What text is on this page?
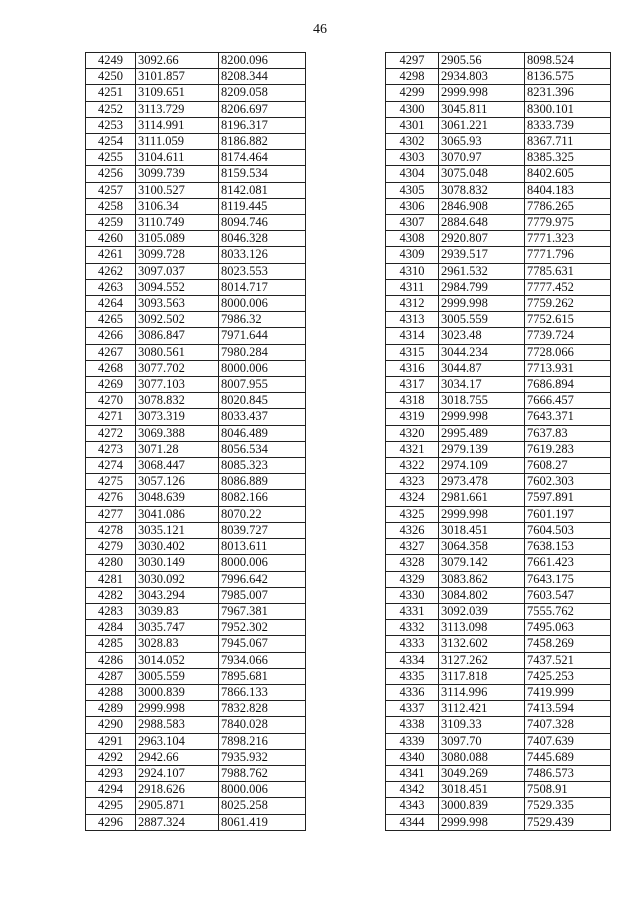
46
4249	3092.66	8200.096
4250	3101.857	8208.344
4251	3109.651	8209.058
4252	3113.729	8206.697
4253	3114.991	8196.317
4254	3111.059	8186.882
4255	3104.611	8174.464
4256	3099.739	8159.534
4257	3100.527	8142.081
4258	3106.34	8119.445
4259	3110.749	8094.746
4260	3105.089	8046.328
4261	3099.728	8033.126
4262	3097.037	8023.553
4263	3094.552	8014.717
4264	3093.563	8000.006
4265	3092.502	7986.32
4266	3086.847	7971.644
4267	3080.561	7980.284
4268	3077.702	8000.006
4269	3077.103	8007.955
4270	3078.832	8020.845
4271	3073.319	8033.437
4272	3069.388	8046.489
4273	3071.28	8056.534
4274	3068.447	8085.323
4275	3057.126	8086.889
4276	3048.639	8082.166
4277	3041.086	8070.22
4278	3035.121	8039.727
4279	3030.402	8013.611
4280	3030.149	8000.006
4281	3030.092	7996.642
4282	3043.294	7985.007
4283	3039.83	7967.381
4284	3035.747	7952.302
4285	3028.83	7945.067
4286	3014.052	7934.066
4287	3005.559	7895.681
4288	3000.839	7866.133
4289	2999.998	7832.828
4290	2988.583	7840.028
4291	2963.104	7898.216
4292	2942.66	7935.932
4293	2924.107	7988.762
4294	2918.626	8000.006
4295	2905.871	8025.258
4296	2887.324	8061.419
4297	2905.56	8098.524
4298	2934.803	8136.575
4299	2999.998	8231.396
4300	3045.811	8300.101
4301	3061.221	8333.739
4302	3065.93	8367.711
4303	3070.97	8385.325
4304	3075.048	8402.605
4305	3078.832	8404.183
4306	2846.908	7786.265
4307	2884.648	7779.975
4308	2920.807	7771.323
4309	2939.517	7771.796
4310	2961.532	7785.631
4311	2984.799	7777.452
4312	2999.998	7759.262
4313	3005.559	7752.615
4314	3023.48	7739.724
4315	3044.234	7728.066
4316	3044.87	7713.931
4317	3034.17	7686.894
4318	3018.755	7666.457
4319	2999.998	7643.371
4320	2995.489	7637.83
4321	2979.139	7619.283
4322	2974.109	7608.27
4323	2973.478	7602.303
4324	2981.661	7597.891
4325	2999.998	7601.197
4326	3018.451	7604.503
4327	3064.358	7638.153
4328	3079.142	7661.423
4329	3083.862	7643.175
4330	3084.802	7603.547
4331	3092.039	7555.762
4332	3113.098	7495.063
4333	3132.602	7458.269
4334	3127.262	7437.521
4335	3117.818	7425.253
4336	3114.996	7419.999
4337	3112.421	7413.594
4338	3109.33	7407.328
4339	3097.70	7407.639
4340	3080.088	7445.689
4341	3049.269	7486.573
4342	3018.451	7508.91
4343	3000.839	7529.335
4344	2999.998	7529.439
